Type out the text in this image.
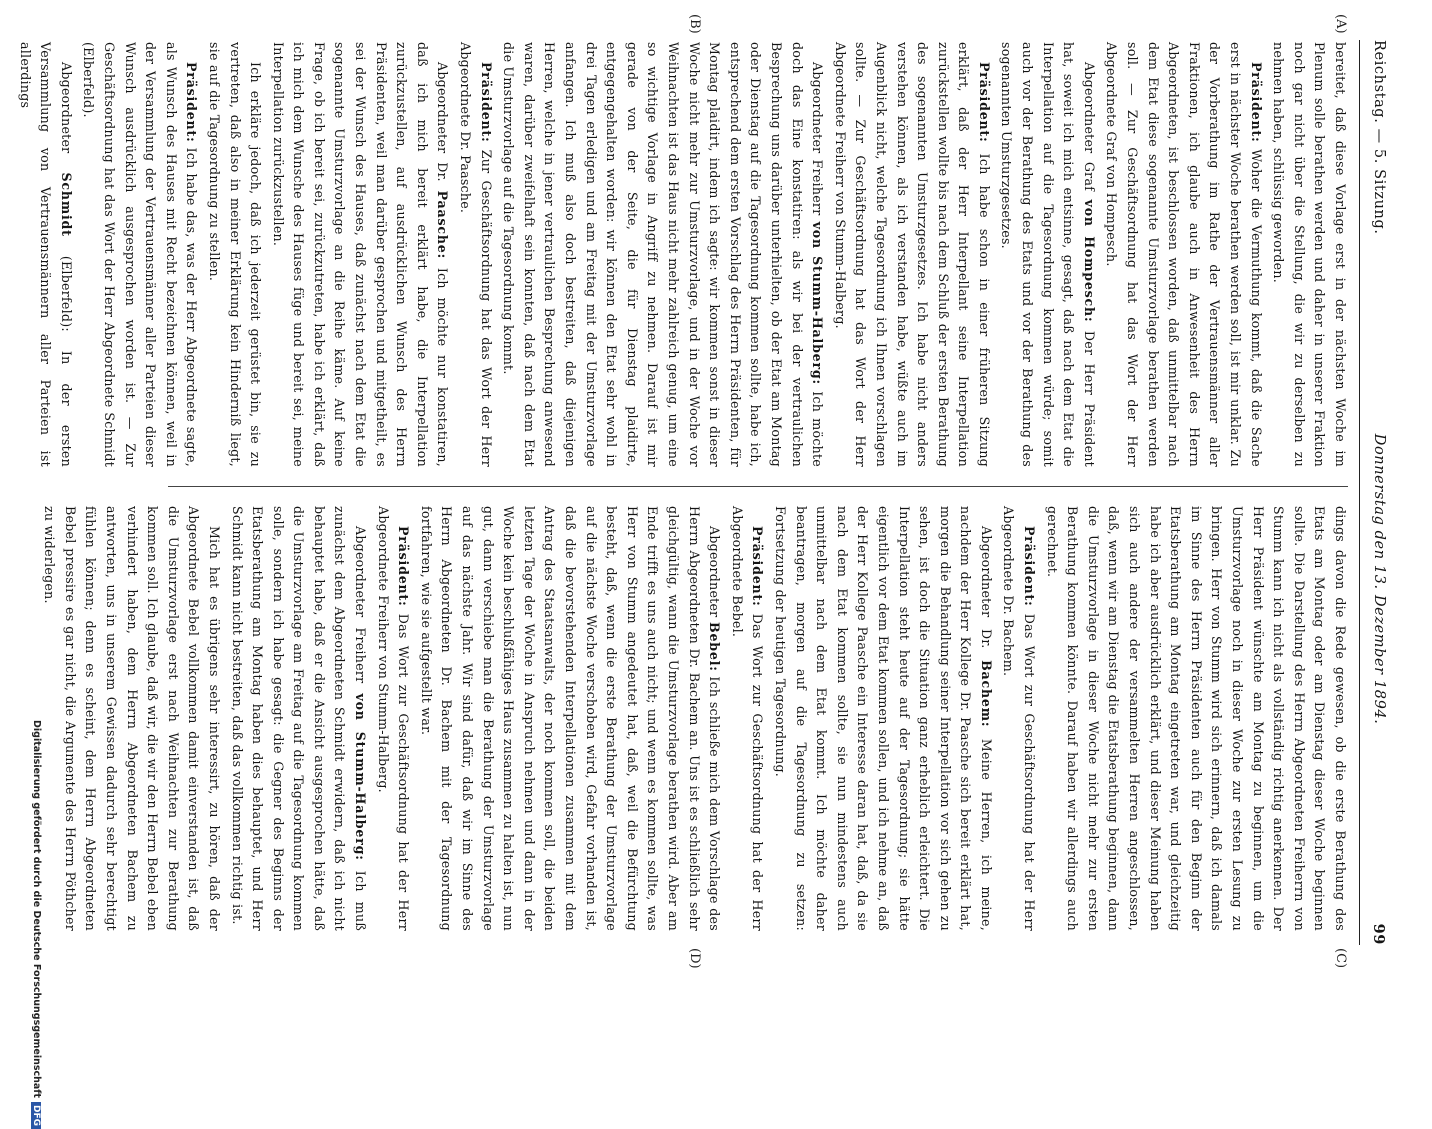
Reichstag. — 5. Sitzung.
Donnerstag den 13. Dezember 1894.
99

bereitet, daß diese Vorlage erst in der nächsten Woche im Plenum solle berathen werden und daher in unserer Fraktion noch gar nicht über die Stellung, die wir zu derselben zu nehmen haben, schlüssig geworden.

Präsident: Woher die Vermuthung kommt, daß die Sache erst in nächster Woche berathen werden soll, ist mir unklar. Zu der Vorberathung im Rathe der Vertrauensmänner aller Fraktionen, ich glaube auch in Anwesenheit des Herrn Abgeordneten, ist beschlossen worden, daß unmittelbar nach dem Etat diese sogenannte Umsturzvorlage berathen werden soll. — Zur Geschäftsordnung hat das Wort der Herr Abgeordnete Graf von Hompesch.

Abgeordneter Graf von Hompesch: Der Herr Präsident hat, soweit ich mich entsinne, gesagt, daß nach dem Etat die Interpellation auf die Tagesordnung kommen würde; somit auch vor der Berathung des Etats und vor der Berathung des sogenannten Umsturzgesetzes.

Präsident: Ich habe schon in einer früheren Sitzung erklärt, daß der Herr Interpellant seine Interpellation zurückstellen wollte bis nach dem Schluß der ersten Berathung des sogenannten Umsturzgesetzes. Ich habe nicht anders verstehen können, als ich verstanden habe, wüßte auch im Augenblick nicht, welche Tagesordnung ich Ihnen vorschlagen sollte. — Zur Geschäftsordnung hat das Wort der Herr Abgeordnete Freiherr von Stumm-Halberg.

Abgeordneter Freiherr von Stumm-Halberg: Ich möchte doch das Eine konstatiren: als wir bei der vertraulichen Besprechung uns darüber unterhielten, ob der Etat am Montag oder Dienstag auf die Tagesordnung kommen sollte, habe ich, entsprechend dem ersten Vorschlag des Herrn Präsidenten, für Montag plaidirt, indem ich sagte: wir kommen sonst in dieser Woche nicht mehr zur Umsturzvorlage, und in der Woche vor Weihnachten ist das Haus nicht mehr zahlreich genug, um eine so wichtige Vorlage in Angriff zu nehmen. Darauf ist mir gerade von der Seite, die für Dienstag plaidirte, entgegengehalten worden: wir können den Etat sehr wohl in drei Tagen erledigen und am Freitag mit der Umsturzvorlage anfangen. Ich muß also doch bestreiten, daß diejenigen Herren, welche in jener vertraulichen Besprechung anwesend waren, darüber zweifelhaft sein konnten, daß nach dem Etat die Umsturzvorlage auf die Tagesordnung kommt.

Präsident: Zur Geschäftsordnung hat das Wort der Herr Abgeordnete Dr. Paasche.

Abgeordneter Dr. Paasche: Ich möchte nur konstatiren, daß ich mich bereit erklärt habe, die Interpellation zurückzustellen, auf ausdrücklichen Wunsch des Herrn Präsidenten, weil man darüber gesprochen und mitgetheilt, es sei der Wunsch des Hauses, daß zunächst nach dem Etat die sogenannte Umsturzvorlage an die Reihe käme. Auf keine Frage, ob ich bereit sei, zurückzutreten, habe ich erklärt, daß ich mich dem Wunsche des Hauses füge und bereit sei, meine Interpellation zurückzustellen.

Ich erkläre jedoch, daß ich jederzeit gerüstet bin, sie zu vertreten, daß also in meiner Erklärung kein Hinderniß liegt, sie auf die Tagesordnung zu stellen.

Präsident: Ich habe das, was der Herr Abgeordnete sagte, als Wunsch des Hauses mit Recht bezeichnen können, weil in der Versammlung der Vertrauensmänner aller Parteien dieser Wunsch ausdrücklich ausgesprochen worden ist. — Zur Geschäftsordnung hat das Wort der Herr Abgeordnete Schmidt (Elberfeld).

Abgeordneter Schmidt (Elberfeld): In der ersten Versammlung von Vertrauensmännern aller Parteien ist allerdings

dings davon die Rede gewesen, ob die erste Berathung des Etats am Montag oder am Dienstag dieser Woche beginnen sollte. Die Darstellung des Herrn Abgeordneten Freiherrn von Stumm kann ich nicht als vollständig richtig anerkennen. Der Herr Präsident wünschte am Montag zu beginnen, um die Umsturzvorlage noch in dieser Woche zur ersten Lesung zu bringen. Herr von Stumm wird sich erinnern, daß ich damals im Sinne des Herrn Präsidenten auch für den Beginn der Etatsberathung am Montag eingetreten war, und gleichzeitig habe ich aber ausdrücklich erklärt, und dieser Meinung haben sich auch andere der versammelten Herren angeschlossen, daß, wenn wir am Dienstag die Etatsberathung beginnen, dann die Umsturzvorlage in dieser Woche nicht mehr zur ersten Berathung kommen könnte. Darauf haben wir allerdings auch gerechnet.

Präsident: Das Wort zur Geschäftsordnung hat der Herr Abgeordnete Dr. Bachem.

Abgeordneter Dr. Bachem: Meine Herren, ich meine, nachdem der Herr Kollege Dr. Paasche sich bereit erklärt hat, morgen die Behandlung seiner Interpellation vor sich gehen zu sehen, ist doch die Situation ganz erheblich erleichtert. Die Interpellation steht heute auf der Tagesordnung; sie hätte eigentlich vor dem Etat kommen sollen, und ich nehme an, daß der Herr Kollege Paasche ein Interesse daran hat, daß, da sie nach dem Etat kommen sollte, sie nun mindestens auch unmittelbar nach dem Etat kommt. Ich möchte daher beantragen, morgen auf die Tagesordnung zu setzen: Fortsetzung der heutigen Tagesordnung.

Präsident: Das Wort zur Geschäftsordnung hat der Herr Abgeordnete Bebel.

Abgeordneter Bebel: Ich schließe mich dem Vorschlage des Herrn Abgeordneten Dr. Bachem an. Uns ist es schließlich sehr gleichgültig, wann die Umsturzvorlage berathen wird. Aber am Ende trifft es uns auch nicht; und wenn es kommen sollte, was Herr von Stumm angedeutet hat, daß, weil die Befürchtung besteht, daß, wenn die erste Berathung der Umsturzvorlage auf die nächste Woche verschoben wird, Gefahr vorhanden ist, daß die bevorstehenden Interpellationen zusammen mit dem Antrag des Staatsanwalts, der noch kommen soll, die beiden letzten Tage der Woche in Anspruch nehmen und dann in der Woche kein beschlußfähiges Haus zusammen zu halten ist, nun gut, dann verschiebe man die Berathung der Umsturzvorlage auf das nächste Jahr. Wir sind dafür, daß wir im Sinne des Herrn Abgeordneten Dr. Bachem mit der Tagesordnung fortfahren, wie sie aufgestellt war.

Präsident: Das Wort zur Geschäftsordnung hat der Herr Abgeordnete Freiherr von Stumm-Halberg.

Abgeordneter Freiherr von Stumm-Halberg: Ich muß zunächst dem Abgeordneten Schmidt erwidern, daß ich nicht behauptet habe, daß er die Ansicht ausgesprochen hätte, daß die Umsturzvorlage am Freitag auf die Tagesordnung kommen solle, sondern ich habe gesagt: die Gegner des Beginns der Etatsberathung am Montag haben dies behauptet, und Herr Schmidt kann nicht bestreiten, daß das vollkommen richtig ist.

Mich hat es übrigens sehr interessirt, zu hören, daß der Abgeordnete Bebel vollkommen damit einverstanden ist, daß die Umsturzvorlage erst nach Weihnachten zur Berathung kommen soll. Ich glaube, daß wir, die wir den Herrn Bebel eben verhindert haben, dem Herrn Abgeordneten Bachem zu antworten, uns in unserem Gewissen dadurch sehr berechtigt fühlen können; denn es scheint, dem Herrn Abgeordneten Bebel pressire es gar nicht, die Argumente des Herrn Pöthcher zu widerlegen.

(A)
(B)
(C)
(D)
Digitalisierung gefördert durch die Deutsche ForschungsgemeinschaftDFG
